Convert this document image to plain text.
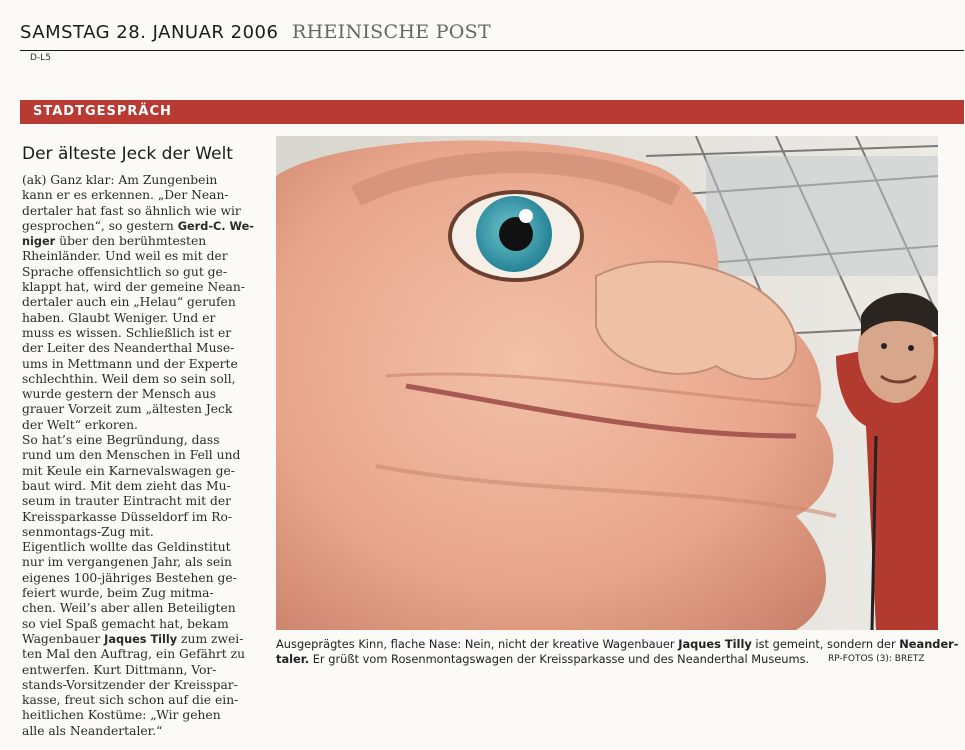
SAMSTAG 28. JANUAR 2006 RHEINISCHE POST
D-L5
STADTGESPRÄCH
Der älteste Jeck der Welt
(ak) Ganz klar: Am Zungenbein
kann er es erkennen. „Der Nean-
dertaler hat fast so ähnlich wie wir
gesprochen“, so gestern Gerd-C. We-
niger über den berühmtesten
Rheinländer. Und weil es mit der
Sprache offensichtlich so gut ge-
klappt hat, wird der gemeine Nean-
dertaler auch ein „Helau“ gerufen
haben. Glaubt Weniger. Und er
muss es wissen. Schließlich ist er
der Leiter des Neanderthal Muse-
ums in Mettmann und der Experte
schlechthin. Weil dem so sein soll,
wurde gestern der Mensch aus
grauer Vorzeit zum „ältesten Jeck
der Welt“ erkoren.
So hat’s eine Begründung, dass
rund um den Menschen in Fell und
mit Keule ein Karnevalswagen ge-
baut wird. Mit dem zieht das Mu-
seum in trauter Eintracht mit der
Kreissparkasse Düsseldorf im Ro-
senmontags-Zug mit.
Eigentlich wollte das Geldinstitut
nur im vergangenen Jahr, als sein
eigenes 100-jähriges Bestehen ge-
feiert wurde, beim Zug mitma-
chen. Weil’s aber allen Beteiligten
so viel Spaß gemacht hat, bekam
Wagenbauer Jaques Tilly zum zwei-
ten Mal den Auftrag, ein Gefährt zu
entwerfen. Kurt Dittmann, Vor-
stands-Vorsitzender der Kreisspar-
kasse, freut sich schon auf die ein-
heitlichen Kostüme: „Wir gehen
alle als Neandertaler.“
Ausgeprägtes Kinn, flache Nase: Nein, nicht der kreative Wagenbauer Jaques Tilly ist gemeint, sondern der Neander-
taler. Er grüßt vom Rosenmontagswagen der Kreissparkasse und des Neanderthal Museums.	RP-FOTOS (3): BRETZ
